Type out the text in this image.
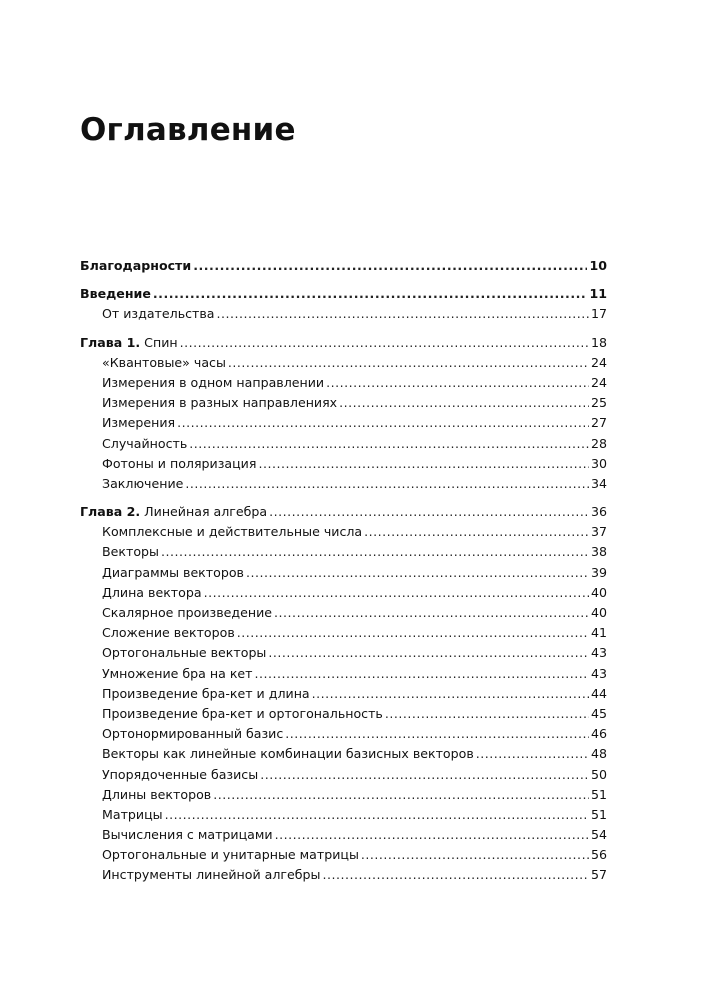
Оглавление
Благодарности .....	10
Введение .....	11
От издательства .....	17
Глава 1. Спин .....	18
«Квантовые» часы .....	24
Измерения в одном направлении .....	24
Измерения в разных направлениях .....	25
Измерения .....	27
Случайность .....	28
Фотоны и поляризация .....	30
Заключение .....	34
Глава 2. Линейная алгебра .....	36
Комплексные и действительные числа .....	37
Векторы .....	38
Диаграммы векторов .....	39
Длина вектора .....	40
Скалярное произведение .....	40
Сложение векторов .....	41
Ортогональные векторы .....	43
Умножение бра на кет .....	43
Произведение бра-кет и длина .....	44
Произведение бра-кет и ортогональность .....	45
Ортонормированный базис .....	46
Векторы как линейные комбинации базисных векторов .....	48
Упорядоченные базисы .....	50
Длины векторов .....	51
Матрицы .....	51
Вычисления с матрицами .....	54
Ортогональные и унитарные матрицы .....	56
Инструменты линейной алгебры .....	57
